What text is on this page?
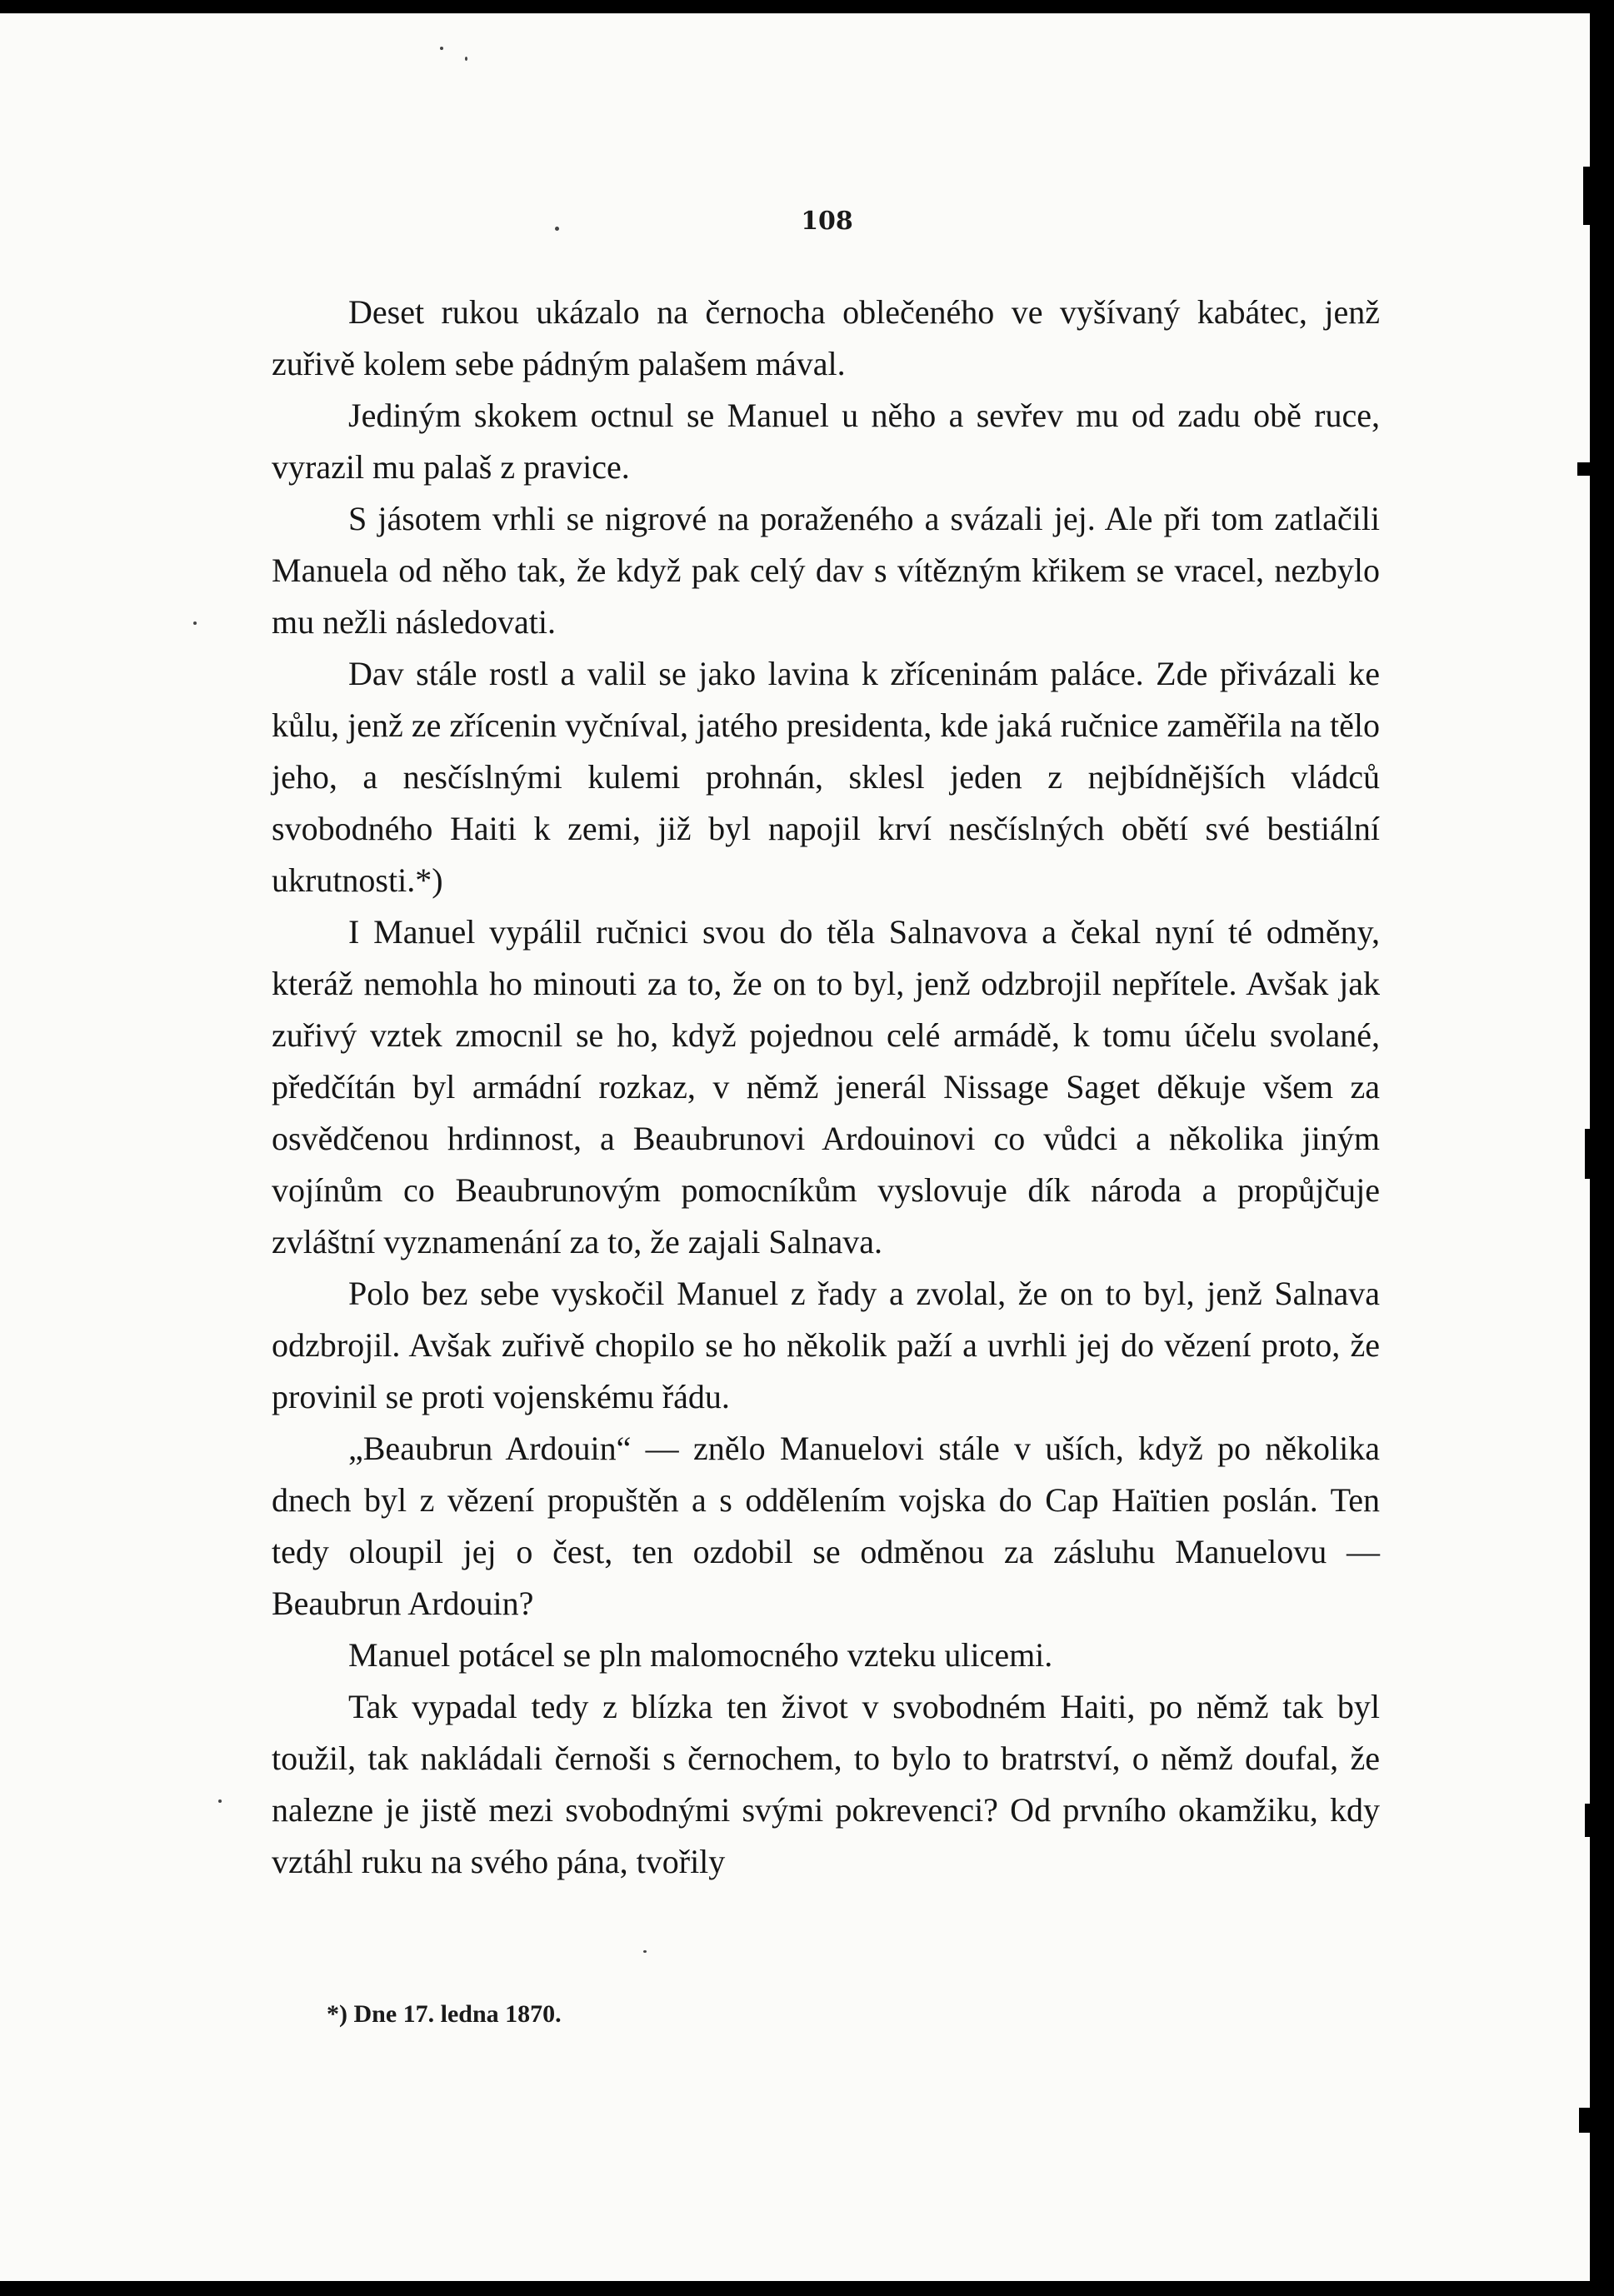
108

Deset rukou ukázalo na černocha oblečeného ve vyšívaný kabátec, jenž zuřivě kolem sebe pádným palašem mával.

Jediným skokem octnul se Manuel u něho a sevřev mu od zadu obě ruce, vyrazil mu palaš z pravice.

S jásotem vrhli se nigrové na poraženého a svázali jej. Ale při tom zatlačili Manuela od něho tak, že když pak celý dav s vítězným křikem se vracel, nezbylo mu nežli následovati.

Dav stále rostl a valil se jako lavina k zříceninám paláce. Zde přivázali ke kůlu, jenž ze zřícenin vyčníval, jatého presidenta, kde jaká ručnice zaměřila na tělo jeho, a nesčíslnými kulemi prohnán, sklesl jeden z nejbídnějších vládců svobodného Haiti k zemi, již byl napojil krví nesčíslných obětí své bestiální ukrutnosti.*)

I Manuel vypálil ručnici svou do těla Salnavova a čekal nyní té odměny, kteráž nemohla ho minouti za to, že on to byl, jenž odzbrojil nepřítele. Avšak jak zuřivý vztek zmocnil se ho, když pojednou celé armádě, k tomu účelu svolané, předčítán byl armádní rozkaz, v němž jenerál Nissage Saget děkuje všem za osvědčenou hrdinnost, a Beaubrunovi Ardouinovi co vůdci a několika jiným vojínům co Beaubrunovým pomocníkům vyslovuje dík národa a propůjčuje zvláštní vyznamenání za to, že zajali Salnava.

Polo bez sebe vyskočil Manuel z řady a zvolal, že on to byl, jenž Salnava odzbrojil. Avšak zuřivě chopilo se ho několik paží a uvrhli jej do vězení proto, že provinil se proti vojenskému řádu.

„Beaubrun Ardouin“ — znělo Manuelovi stále v uších, když po několika dnech byl z vězení propuštěn a s oddělením vojska do Cap Haïtien poslán. Ten tedy oloupil jej o čest, ten ozdobil se odměnou za zásluhu Manuelovu — Beaubrun Ardouin?

Manuel potácel se pln malomocného vzteku ulicemi.

Tak vypadal tedy z blízka ten život v svobodném Haiti, po němž tak byl toužil, tak nakládali černoši s černochem, to bylo to bratrství, o němž doufal, že nalezne je jistě mezi svobodnými svými pokrevenci? Od prvního okamžiku, kdy vztáhl ruku na svého pána, tvořily

*) Dne 17. ledna 1870.
